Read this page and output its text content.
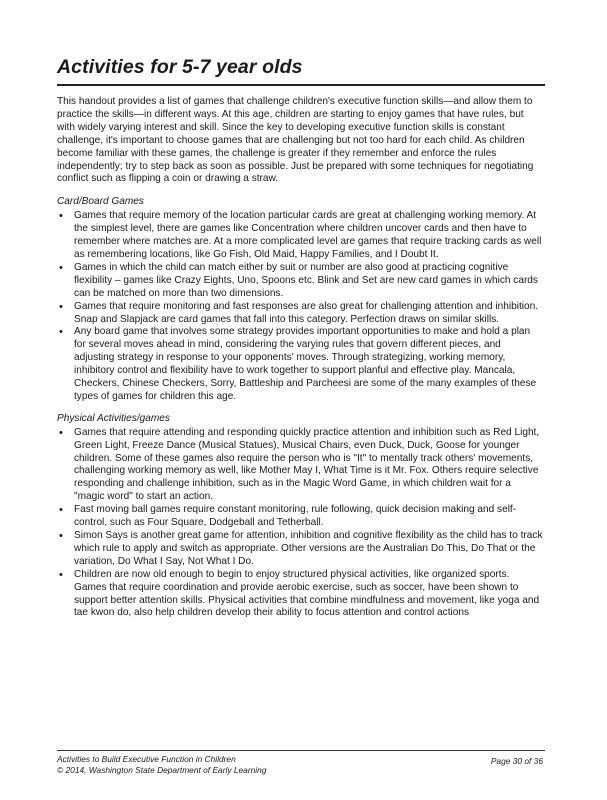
Activities for 5-7 year olds

This handout provides a list of games that challenge children's executive function skills—and allow them to practice the skills—in different ways. At this age, children are starting to enjoy games that have rules, but with widely varying interest and skill. Since the key to developing executive function skills is constant challenge, it's important to choose games that are challenging but not too hard for each child. As children become familiar with these games, the challenge is greater if they remember and enforce the rules independently; try to step back as soon as possible. Just be prepared with some techniques for negotiating conflict such as flipping a coin or drawing a straw.

Card/Board Games

• Games that require memory of the location particular cards are great at challenging working memory. At the simplest level, there are games like Concentration where children uncover cards and then have to remember where matches are. At a more complicated level are games that require tracking cards as well as remembering locations, like Go Fish, Old Maid, Happy Families, and I Doubt It.
• Games in which the child can match either by suit or number are also good at practicing cognitive flexibility – games like Crazy Eights, Uno, Spoons etc. Blink and Set are new card games in which cards can be matched on more than two dimensions.
• Games that require monitoring and fast responses are also great for challenging attention and inhibition. Snap and Slapjack are card games that fall into this category. Perfection draws on similar skills.
• Any board game that involves some strategy provides important opportunities to make and hold a plan for several moves ahead in mind, considering the varying rules that govern different pieces, and adjusting strategy in response to your opponents' moves. Through strategizing, working memory, inhibitory control and flexibility have to work together to support planful and effective play. Mancala, Checkers, Chinese Checkers, Sorry, Battleship and Parcheesi are some of the many examples of these types of games for children this age.

Physical Activities/games

• Games that require attending and responding quickly practice attention and inhibition such as Red Light, Green Light, Freeze Dance (Musical Statues), Musical Chairs, even Duck, Duck, Goose for younger children. Some of these games also require the person who is "It" to mentally track others' movements, challenging working memory as well, like Mother May I, What Time is it Mr. Fox. Others require selective responding and challenge inhibition, such as in the Magic Word Game, in which children wait for a "magic word" to start an action.
• Fast moving ball games require constant monitoring, rule following, quick decision making and self-control, such as Four Square, Dodgeball and Tetherball.
• Simon Says is another great game for attention, inhibition and cognitive flexibility as the child has to track which rule to apply and switch as appropriate. Other versions are the Australian Do This, Do That or the variation, Do What I Say, Not What I Do.
• Children are now old enough to begin to enjoy structured physical activities, like organized sports. Games that require coordination and provide aerobic exercise, such as soccer, have been shown to support better attention skills. Physical activities that combine mindfulness and movement, like yoga and tae kwon do, also help children develop their ability to focus attention and control actions
Activities to Build Executive Function in Children
© 2014, Washington State Department of Early Learning
Page 30 of 36
